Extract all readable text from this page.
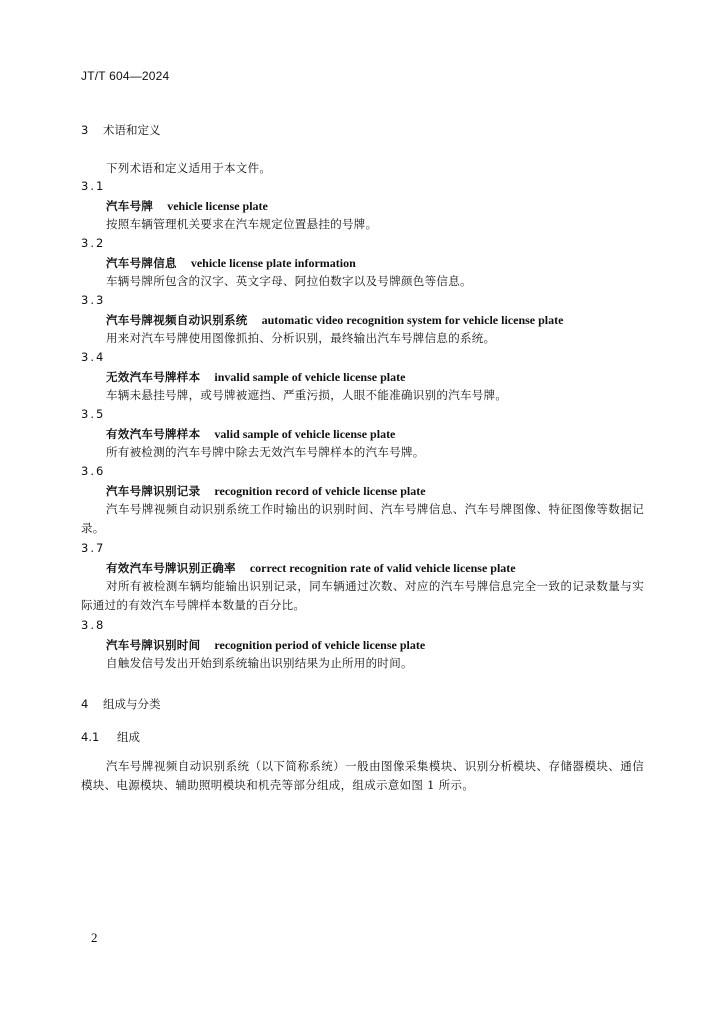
JT/T 604—2024
3 术语和定义
下列术语和定义适用于本文件。
3.1
汽车号牌 vehicle license plate
按照车辆管理机关要求在汽车规定位置悬挂的号牌。
3.2
汽车号牌信息 vehicle license plate information
车辆号牌所包含的汉字、英文字母、阿拉伯数字以及号牌颜色等信息。
3.3
汽车号牌视频自动识别系统 automatic video recognition system for vehicle license plate
用来对汽车号牌使用图像抓拍、分析识别，最终输出汽车号牌信息的系统。
3.4
无效汽车号牌样本 invalid sample of vehicle license plate
车辆未悬挂号牌，或号牌被遮挡、严重污损，人眼不能准确识别的汽车号牌。
3.5
有效汽车号牌样本 valid sample of vehicle license plate
所有被检测的汽车号牌中除去无效汽车号牌样本的汽车号牌。
3.6
汽车号牌识别记录 recognition record of vehicle license plate
汽车号牌视频自动识别系统工作时输出的识别时间、汽车号牌信息、汽车号牌图像、特征图像等数据记录。
3.7
有效汽车号牌识别正确率 correct recognition rate of valid vehicle license plate
对所有被检测车辆均能输出识别记录，同车辆通过次数、对应的汽车号牌信息完全一致的记录数量与实际通过的有效汽车号牌样本数量的百分比。
3.8
汽车号牌识别时间 recognition period of vehicle license plate
自触发信号发出开始到系统输出识别结果为止所用的时间。
4 组成与分类
4.1 组成
汽车号牌视频自动识别系统（以下简称系统）一般由图像采集模块、识别分析模块、存储器模块、通信模块、电源模块、辅助照明模块和机壳等部分组成，组成示意如图 1 所示。
2
